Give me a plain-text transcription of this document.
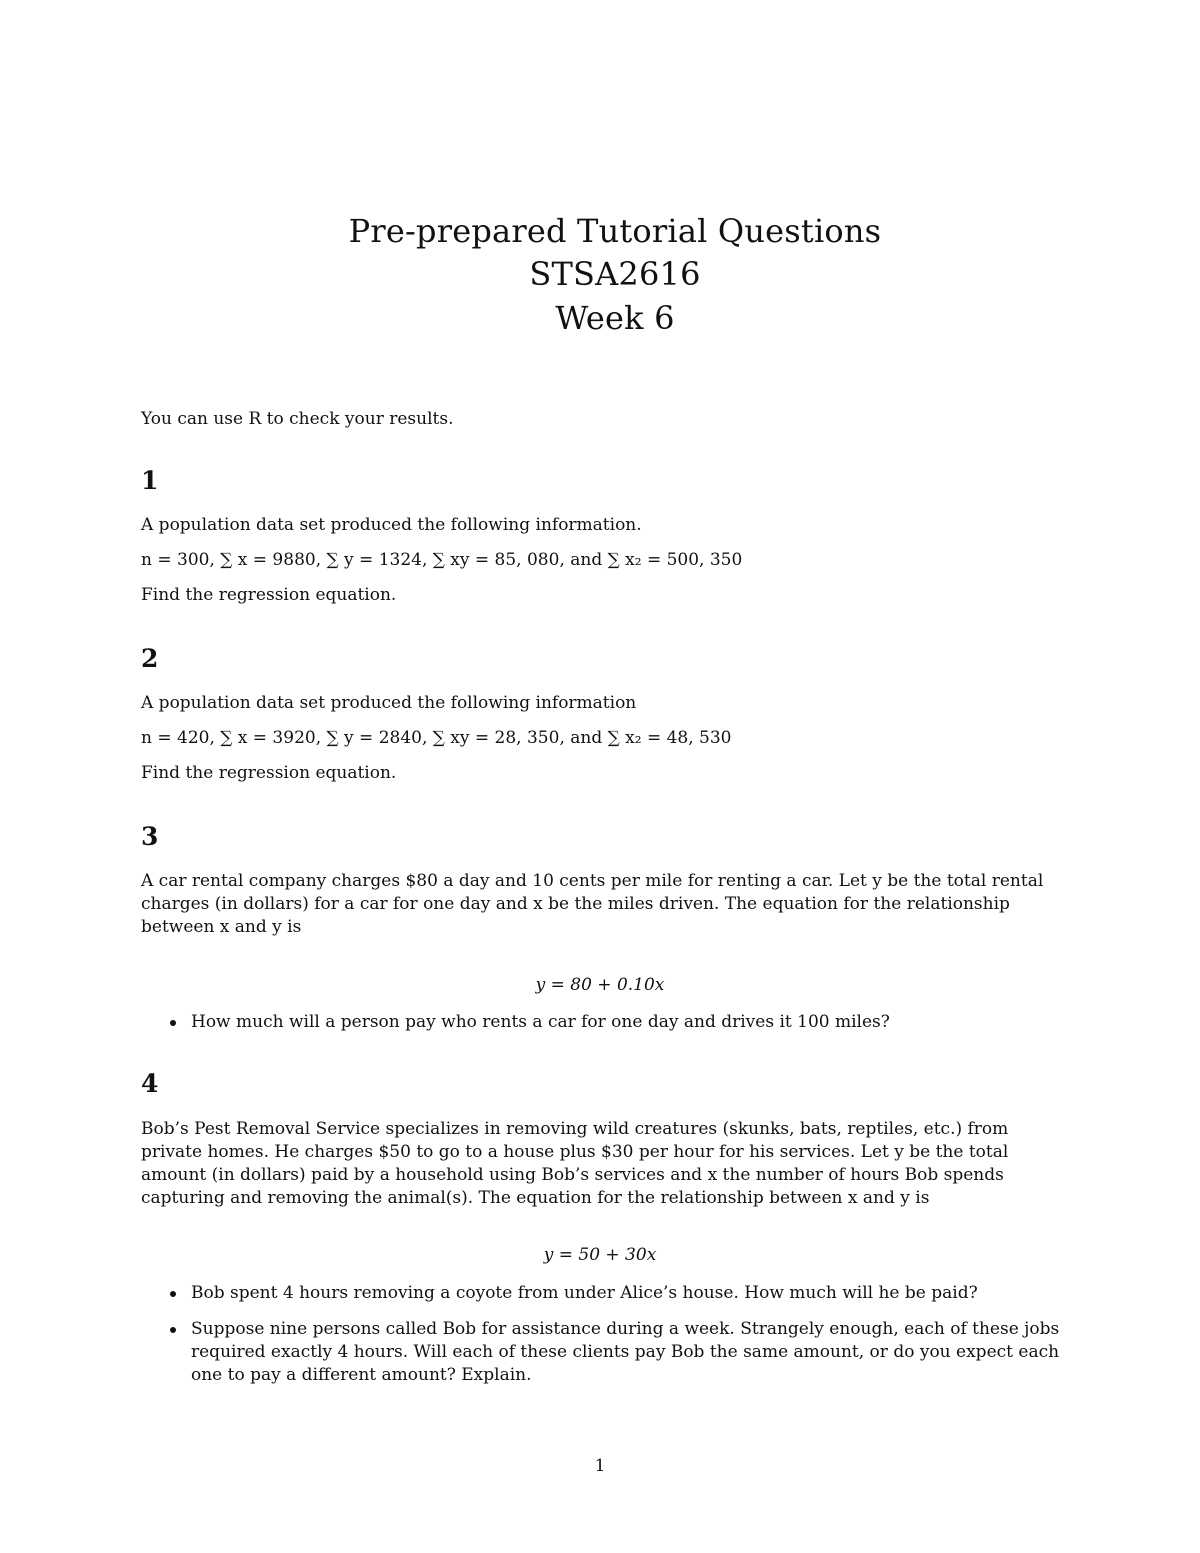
Pre-prepared Tutorial Questions
STSA2616
Week 6
You can use R to check your results.
1
A population data set produced the following information.
n = 300, ∑ x = 9880, ∑ y = 1324, ∑ xy = 85, 080, and ∑ x₂ = 500, 350
Find the regression equation.
2
A population data set produced the following information
n = 420, ∑ x = 3920, ∑ y = 2840, ∑ xy = 28, 350, and ∑ x₂ = 48, 530
Find the regression equation.
3
A car rental company charges $80 a day and 10 cents per mile for renting a car. Let y be the total rental charges (in dollars) for a car for one day and x be the miles driven. The equation for the relationship between x and y is
y = 80 + 0.10x
How much will a person pay who rents a car for one day and drives it 100 miles?
4
Bob’s Pest Removal Service specializes in removing wild creatures (skunks, bats, reptiles, etc.) from private homes. He charges $50 to go to a house plus $30 per hour for his services. Let y be the total amount (in dollars) paid by a household using Bob’s services and x the number of hours Bob spends capturing and removing the animal(s). The equation for the relationship between x and y is
y = 50 + 30x
Bob spent 4 hours removing a coyote from under Alice’s house. How much will he be paid?
Suppose nine persons called Bob for assistance during a week. Strangely enough, each of these jobs required exactly 4 hours. Will each of these clients pay Bob the same amount, or do you expect each one to pay a different amount? Explain.
1
